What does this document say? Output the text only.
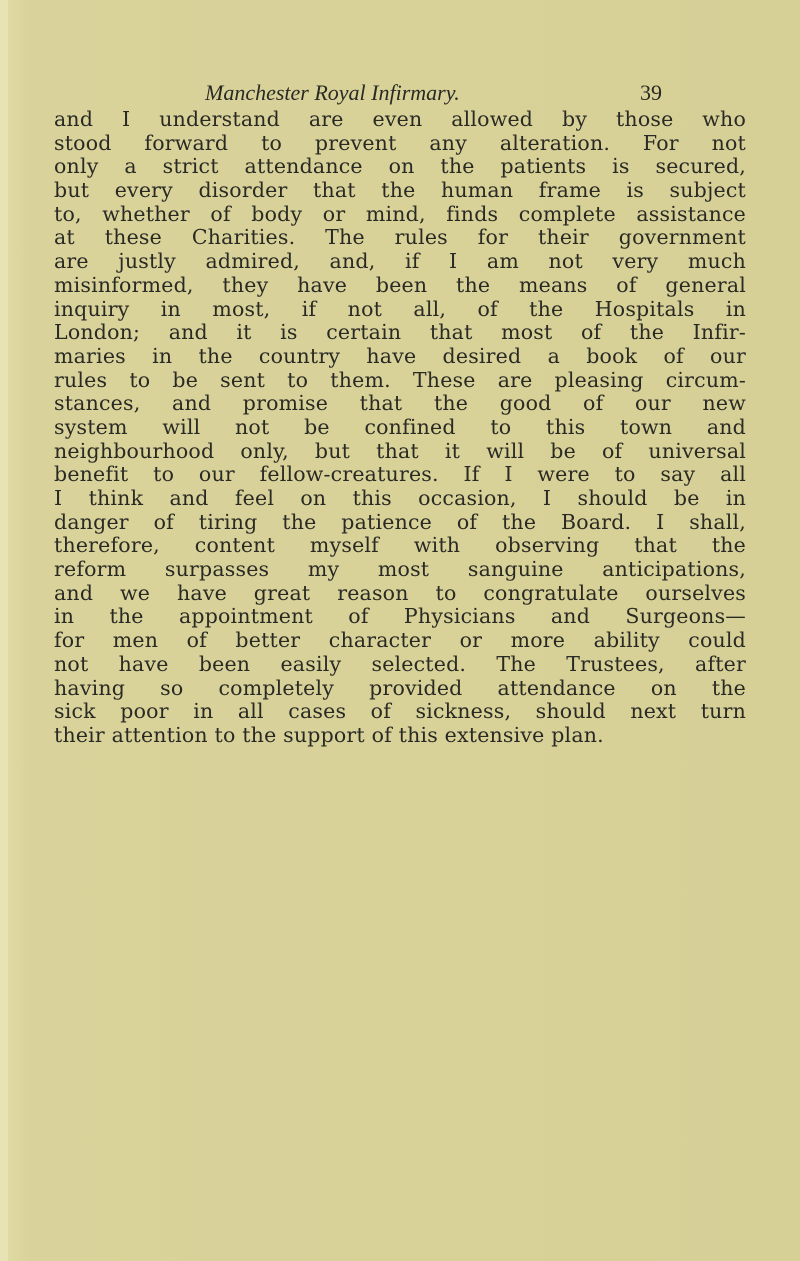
Manchester Royal Infirmary.	39
and I understand are even allowed by those who
stood forward to prevent any alteration. For not
only a strict attendance on the patients is secured,
but every disorder that the human frame is subject
to, whether of body or mind, finds complete assistance
at these Charities. The rules for their government
are justly admired, and, if I am not very much
misinformed, they have been the means of general
inquiry in most, if not all, of the Hospitals in
London; and it is certain that most of the Infir-
maries in the country have desired a book of our
rules to be sent to them. These are pleasing circum-
stances, and promise that the good of our new
system will not be confined to this town and
neighbourhood only, but that it will be of universal
benefit to our fellow-creatures. If I were to say all
I think and feel on this occasion, I should be in
danger of tiring the patience of the Board. I shall,
therefore, content myself with observing that the
reform surpasses my most sanguine anticipations,
and we have great reason to congratulate ourselves
in the appointment of Physicians and Surgeons—
for men of better character or more ability could
not have been easily selected. The Trustees, after
having so completely provided attendance on the
sick poor in all cases of sickness, should next turn
their attention to the support of this extensive plan.
